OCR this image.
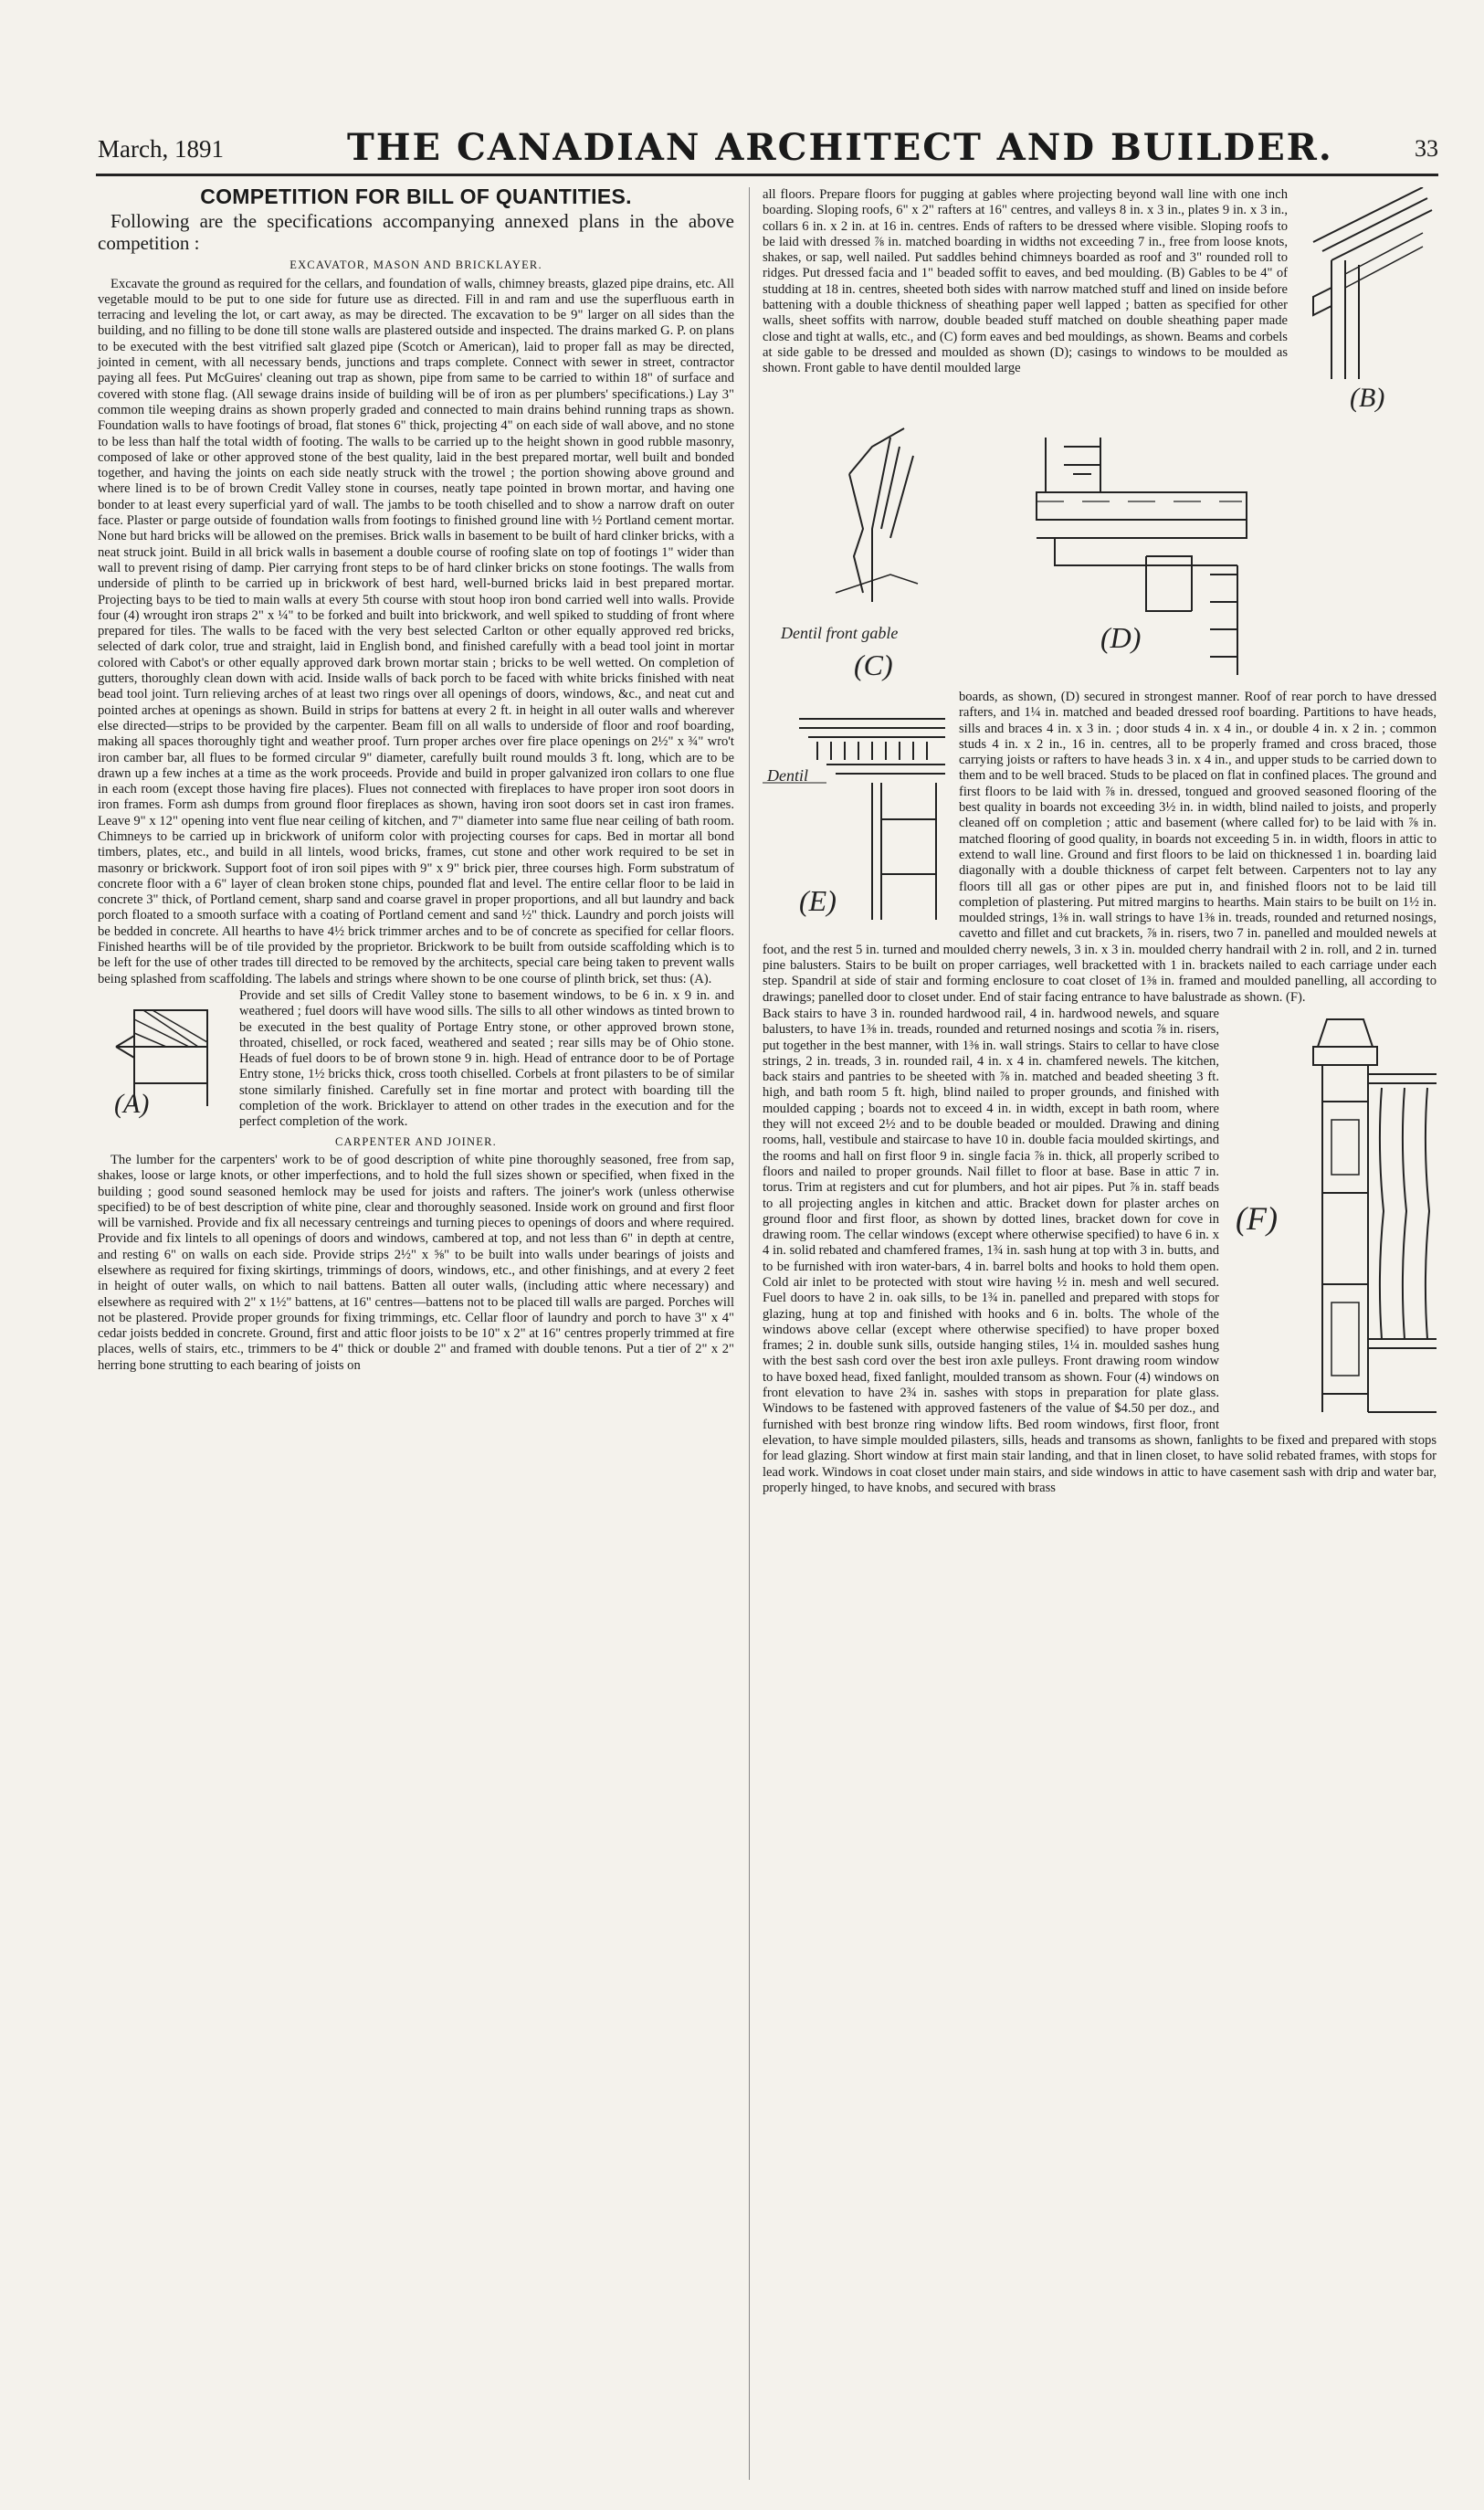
March, 1891	THE CANADIAN ARCHITECT AND BUILDER.	33
COMPETITION FOR BILL OF QUANTITIES.

Following are the specifications accompanying annexed plans in the above competition :

EXCAVATOR, MASON AND BRICKLAYER.

Excavate the ground as required for the cellars, and foundation of walls, chimney breasts, glazed pipe drains, etc. All vegetable mould to be put to one side for future use as directed. Fill in and ram and use the superfluous earth in terracing and leveling the lot, or cart away, as may be directed. The excavation to be 9" larger on all sides than the building, and no filling to be done till stone walls are plastered outside and inspected. The drains marked G. P. on plans to be executed with the best vitrified salt glazed pipe (Scotch or American), laid to proper fall as may be directed, jointed in cement, with all necessary bends, junctions and traps complete. Connect with sewer in street, contractor paying all fees. Put McGuires' cleaning out trap as shown, pipe from same to be carried to within 18" of surface and covered with stone flag. (All sewage drains inside of building will be of iron as per plumbers' specifications.) Lay 3" common tile weeping drains as shown properly graded and connected to main drains behind running traps as shown. Foundation walls to have footings of broad, flat stones 6" thick, projecting 4" on each side of wall above, and no stone to be less than half the total width of footing. The walls to be carried up to the height shown in good rubble masonry, composed of lake or other approved stone of the best quality, laid in the best prepared mortar, well built and bonded together, and having the joints on each side neatly struck with the trowel ; the portion showing above ground and where lined is to be of brown Credit Valley stone in courses, neatly tape pointed in brown mortar, and having one bonder to at least every superficial yard of wall. The jambs to be tooth chiselled and to show a narrow draft on outer face. Plaster or parge outside of foundation walls from footings to finished ground line with ½ Portland cement mortar. None but hard bricks will be allowed on the premises. Brick walls in basement to be built of hard clinker bricks, with a neat struck joint. Build in all brick walls in basement a double course of roofing slate on top of footings 1" wider than wall to prevent rising of damp. Pier carrying front steps to be of hard clinker bricks on stone footings. The walls from underside of plinth to be carried up in brickwork of best hard, well-burned bricks laid in best prepared mortar. Projecting bays to be tied to main walls at every 5th course with stout hoop iron bond carried well into walls. Provide four (4) wrought iron straps 2" x ¼" to be forked and built into brickwork, and well spiked to studding of front where prepared for tiles. The walls to be faced with the very best selected Carlton or other equally approved red bricks, selected of dark color, true and straight, laid in English bond, and finished carefully with a bead tool joint in mortar colored with Cabot's or other equally approved dark brown mortar stain ; bricks to be well wetted. On completion of gutters, thoroughly clean down with acid. Inside walls of back porch to be faced with white bricks finished with neat bead tool joint. Turn relieving arches of at least two rings over all openings of doors, windows, &c., and neat cut and pointed arches at openings as shown. Build in strips for battens at every 2 ft. in height in all outer walls and wherever else directed—strips to be provided by the carpenter. Beam fill on all walls to underside of floor and roof boarding, making all spaces thoroughly tight and weather proof. Turn proper arches over fire place openings on 2½" x ¾" wro't iron camber bar, all flues to be formed circular 9" diameter, carefully built round moulds 3 ft. long, which are to be drawn up a few inches at a time as the work proceeds. Provide and build in proper galvanized iron collars to one flue in each room (except those having fire places). Flues not connected with fireplaces to have proper iron soot doors in iron frames. Form ash dumps from ground floor fireplaces as shown, having iron soot doors set in cast iron frames. Leave 9" x 12" opening into vent flue near ceiling of kitchen, and 7" diameter into same flue near ceiling of bath room. Chimneys to be carried up in brickwork of uniform color with projecting courses for caps. Bed in mortar all bond timbers, plates, etc., and build in all lintels, wood bricks, frames, cut stone and other work required to be set in masonry or brickwork. Support foot of iron soil pipes with 9" x 9" brick pier, three courses high. Form substratum of concrete floor with a 6" layer of clean broken stone chips, pounded flat and level. The entire cellar floor to be laid in concrete 3" thick, of Portland cement, sharp sand and coarse gravel in proper proportions, and all but laundry and back porch floated to a smooth surface with a coating of Portland cement and sand ½" thick. Laundry and porch joists will be bedded in concrete. All hearths to have 4½ brick trimmer arches and to be of concrete as specified for cellar floors. Finished hearths will be of tile provided by the proprietor. Brickwork to be built from outside scaffolding which is to be left for the use of other trades till directed to be removed by the architects, special care being taken to prevent walls being splashed from scaffolding. The labels and strings where shown to be one course of plinth brick, set thus: (A).

(A)

Provide and set sills of Credit Valley stone to basement windows, to be 6 in. x 9 in. and weathered ; fuel doors will have wood sills. The sills to all other windows as tinted brown to be executed in the best quality of Portage Entry stone, or other approved brown stone, throated, chiselled, or rock faced, weathered and seated ; rear sills may be of Ohio stone. Heads of fuel doors to be of brown stone 9 in. high. Head of entrance door to be of Portage Entry stone, 1½ bricks thick, cross tooth chiselled. Corbels at front pilasters to be of similar stone similarly finished. Carefully set in fine mortar and protect with boarding till the completion of the work. Bricklayer to attend on other trades in the execution and for the perfect completion of the work.

CARPENTER AND JOINER.

The lumber for the carpenters' work to be of good description of white pine thoroughly seasoned, free from sap, shakes, loose or large knots, or other imperfections, and to hold the full sizes shown or specified, when fixed in the building ; good sound seasoned hemlock may be used for joists and rafters. The joiner's work (unless otherwise specified) to be of best description of white pine, clear and thoroughly seasoned. Inside work on ground and first floor will be varnished. Provide and fix all necessary centreings and turning pieces to openings of doors and where required. Provide and fix lintels to all openings of doors and windows, cambered at top, and not less than 6" in depth at centre, and resting 6" on walls on each side. Provide strips 2½" x ⅝" to be built into walls under bearings of joists and elsewhere as required for fixing skirtings, trimmings of doors, windows, etc., and other finishings, and at every 2 feet in height of outer walls, on which to nail battens. Batten all outer walls, (including attic where necessary) and elsewhere as required with 2" x 1½" battens, at 16" centres—battens not to be placed till walls are parged. Porches will not be plastered. Provide proper grounds for fixing trimmings, etc. Cellar floor of laundry and porch to have 3" x 4" cedar joists bedded in concrete. Ground, first and attic floor joists to be 10" x 2" at 16" centres properly trimmed at fire places, wells of stairs, etc., trimmers to be 4" thick or double 2" and framed with double tenons. Put a tier of 2" x 2" herring bone strutting to each bearing of joists on

(B)

all floors. Prepare floors for pugging at gables where projecting beyond wall line with one inch boarding. Sloping roofs, 6" x 2" rafters at 16" centres, and valleys 8 in. x 3 in., plates 9 in. x 3 in., collars 6 in. x 2 in. at 16 in. centres. Ends of rafters to be dressed where visible. Sloping roofs to be laid with dressed ⅞ in. matched boarding in widths not exceeding 7 in., free from loose knots, shakes, or sap, well nailed. Put saddles behind chimneys boarded as roof and 3" rounded roll to ridges. Put dressed facia and 1" beaded soffit to eaves, and bed moulding. (B) Gables to be 4" of studding at 18 in. centres, sheeted both sides with narrow matched stuff and lined on inside before battening with a double thickness of sheathing paper well lapped ; batten as specified for other walls, sheet soffits with narrow, double beaded stuff matched on double sheathing paper made close and tight at walls, etc., and (C) form eaves and bed mouldings, as shown. Beams and corbels at side gable to be dressed and moulded as shown (D); casings to windows to be moulded as shown. Front gable to have dentil moulded large

Dentil front gable
(C)
(D)
Dentil
(E)

boards, as shown, (D) secured in strongest manner. Roof of rear porch to have dressed rafters, and 1¼ in. matched and beaded dressed roof boarding. Partitions to have heads, sills and braces 4 in. x 3 in. ; door studs 4 in. x 4 in., or double 4 in. x 2 in. ; common studs 4 in. x 2 in., 16 in. centres, all to be properly framed and cross braced, those carrying joists or rafters to have heads 3 in. x 4 in., and upper studs to be carried down to them and to be well braced. Studs to be placed on flat in confined places. The ground and first floors to be laid with ⅞ in. dressed, tongued and grooved seasoned flooring of the best quality in boards not exceeding 3½ in. in width, blind nailed to joists, and properly cleaned off on completion ; attic and basement (where called for) to be laid with ⅞ in. matched flooring of good quality, in boards not exceeding 5 in. in width, floors in attic to extend to wall line. Ground and first floors to be laid on thicknessed 1 in. boarding laid diagonally with a double thickness of carpet felt between. Carpenters not to lay any floors till all gas or other pipes are put in, and finished floors not to be laid till completion of plastering. Put mitred margins to hearths. Main stairs to be built on 1½ in. moulded strings, 1⅜ in. wall strings to have 1⅜ in. treads, rounded and returned nosings, cavetto and fillet and cut brackets, ⅞ in. risers, two 7 in. panelled and moulded newels at foot, and the rest 5 in. turned and moulded cherry newels, 3 in. x 3 in. moulded cherry handrail with 2 in. roll, and 2 in. turned pine balusters. Stairs to be built on proper carriages, well bracketted with 1 in. brackets nailed to each carriage under each step. Spandril at side of stair and forming enclosure to coat closet of 1⅜ in. framed and moulded panelling, all according to drawings; panelled door to closet under. End of stair facing entrance to have balustrade as shown. (F).

(F)

Back stairs to have 3 in. rounded hardwood rail, 4 in. hardwood newels, and square balusters, to have 1⅜ in. treads, rounded and returned nosings and scotia ⅞ in. risers, put together in the best manner, with 1⅜ in. wall strings. Stairs to cellar to have close strings, 2 in. treads, 3 in. rounded rail, 4 in. x 4 in. chamfered newels. The kitchen, back stairs and pantries to be sheeted with ⅞ in. matched and beaded sheeting 3 ft. high, and bath room 5 ft. high, blind nailed to proper grounds, and finished with moulded capping ; boards not to exceed 4 in. in width, except in bath room, where they will not exceed 2½ and to be double beaded or moulded. Drawing and dining rooms, hall, vestibule and staircase to have 10 in. double facia moulded skirtings, and the rooms and hall on first floor 9 in. single facia ⅞ in. thick, all properly scribed to floors and nailed to proper grounds. Nail fillet to floor at base. Base in attic 7 in. torus. Trim at registers and cut for plumbers, and hot air pipes. Put ⅞ in. staff beads to all projecting angles in kitchen and attic. Bracket down for plaster arches on ground floor and first floor, as shown by dotted lines, bracket down for cove in drawing room. The cellar windows (except where otherwise specified) to have 6 in. x 4 in. solid rebated and chamfered frames, 1¾ in. sash hung at top with 3 in. butts, and to be furnished with iron water-bars, 4 in. barrel bolts and hooks to hold them open. Cold air inlet to be protected with stout wire having ½ in. mesh and well secured. Fuel doors to have 2 in. oak sills, to be 1¾ in. panelled and prepared with stops for glazing, hung at top and finished with hooks and 6 in. bolts. The whole of the windows above cellar (except where otherwise specified) to have proper boxed frames; 2 in. double sunk sills, outside hanging stiles, 1¼ in. moulded sashes hung with the best sash cord over the best iron axle pulleys. Front drawing room window to have boxed head, fixed fanlight, moulded transom as shown. Four (4) windows on front elevation to have 2¾ in. sashes with stops in preparation for plate glass. Windows to be fastened with approved fasteners of the value of $4.50 per doz., and furnished with best bronze ring window lifts. Bed room windows, first floor, front elevation, to have simple moulded pilasters, sills, heads and transoms as shown, fanlights to be fixed and prepared with stops for lead glazing. Short window at first main stair landing, and that in linen closet, to have solid rebated frames, with stops for lead work. Windows in coat closet under main stairs, and side windows in attic to have casement sash with drip and water bar, properly hinged, to have knobs, and secured with brass
